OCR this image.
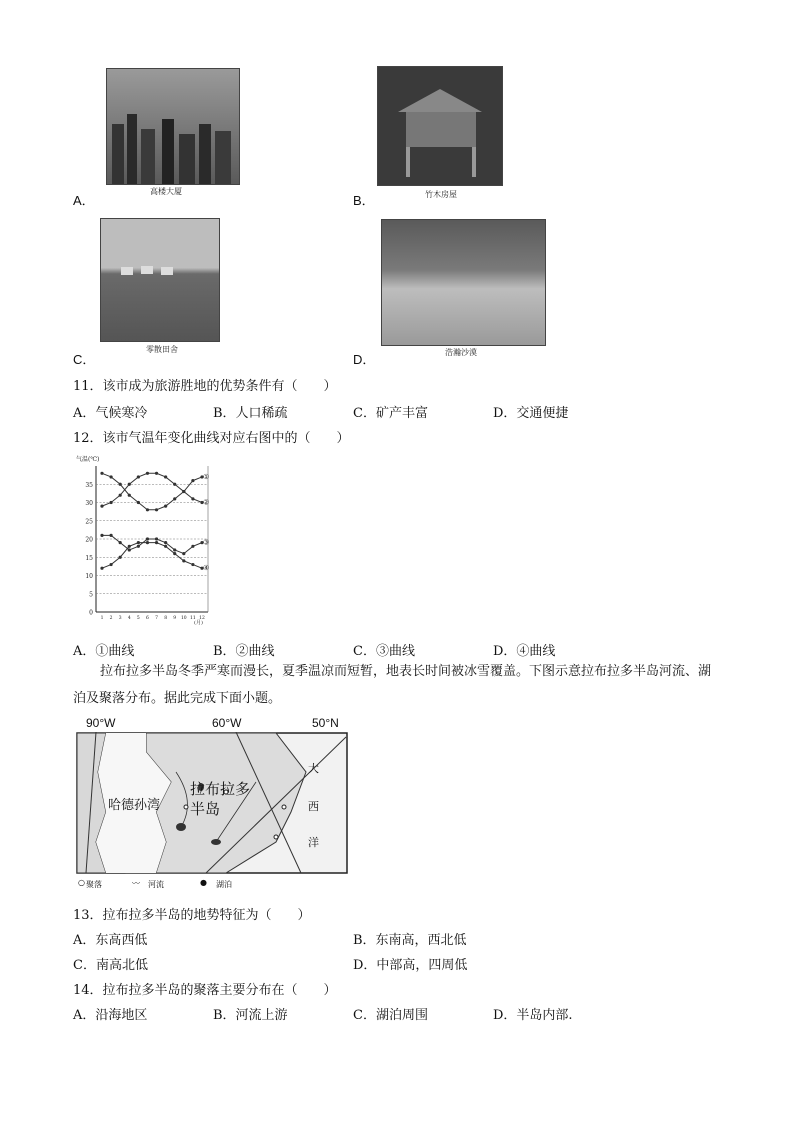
A．
高楼大厦
B．	竹木房屋
C．
零散田舍
D．	浩瀚沙漠
11．该市成为旅游胜地的优势条件有（　　）
A．气候寒冷	B．人口稀疏	C．矿产丰富	D．交通便捷
12．该市气温年变化曲线对应右图中的（　　）
气温(℃)
(月)
①
②
③
④
0
5
10
15
20
25
30
35
1 2 3 4 5 6 7 8 9 10 11 12
A．①曲线	B．②曲线	C．③曲线	D．④曲线
拉布拉多半岛冬季严寒而漫长，夏季温凉而短暂，地表长时间被冰雪覆盖。下图示意拉布拉多半岛河流、湖泊及聚落分布。据此完成下面小题。
90°W	60°W	50°N
哈德孙湾
拉布拉多
半岛
大
西
洋
○ 聚落	〰 河流	● 湖泊
13．拉布拉多半岛的地势特征为（　　）
A．东高西低	B．东南高，西北低
C．南高北低	D．中部高，四周低
14．拉布拉多半岛的聚落主要分布在（　　）
A．沿海地区	B．河流上游	C．湖泊周围	D．半岛内部.
